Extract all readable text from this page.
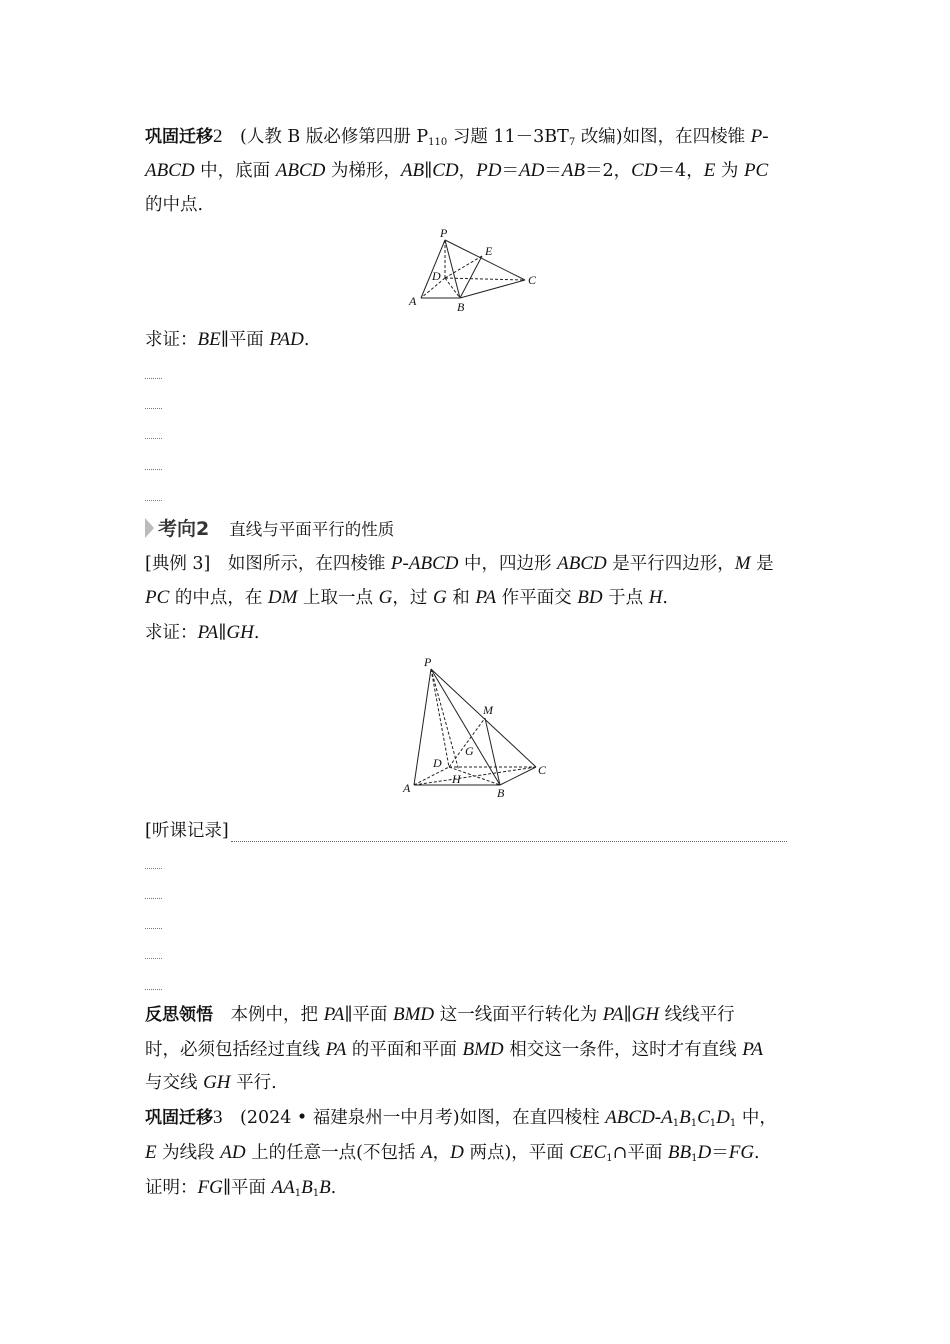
巩固迁移2　(人教 B 版必修第四册 $P_{110}$ 习题 $11-3BT_7$ 改编)如图，在四棱锥 P-
ABCD 中，底面 ABCD 为梯形，AB∥CD，PD＝AD＝AB＝2，CD＝4，E 为 PC
的中点.
求证：BE∥平面 PAD.
[典例 3]　如图所示，在四棱锥 P-ABCD 中，四边形 ABCD 是平行四边形，M 是
PC 的中点，在 DM 上取一点 G，过 G 和 PA 作平面交 BD 于点 H.
求证：PA∥GH.
反思领悟　本例中，把 PA∥平面 BMD 这一线面平行转化为 PA∥GH 线线平行
时，必须包括经过直线 PA 的平面和平面 BMD 相交这一条件，这时才有直线 PA
与交线 GH 平行.
巩固迁移3　(2024 • 福建泉州一中月考)如图，在直四棱柱 ABCD-$A_1B_1C_1D_1$ 中，
E 为线段 AD 上的任意一点(不包括 A，D 两点)，平面 $CEC_1\cap$平面 $BB_1D=FG$.
证明：FG∥平面 $AA_1B_1B$.
P
E
D	C
A	B
考向2 直线与平面平行的性质
P
M
G
D
H
C
A	B
[听课记录]
